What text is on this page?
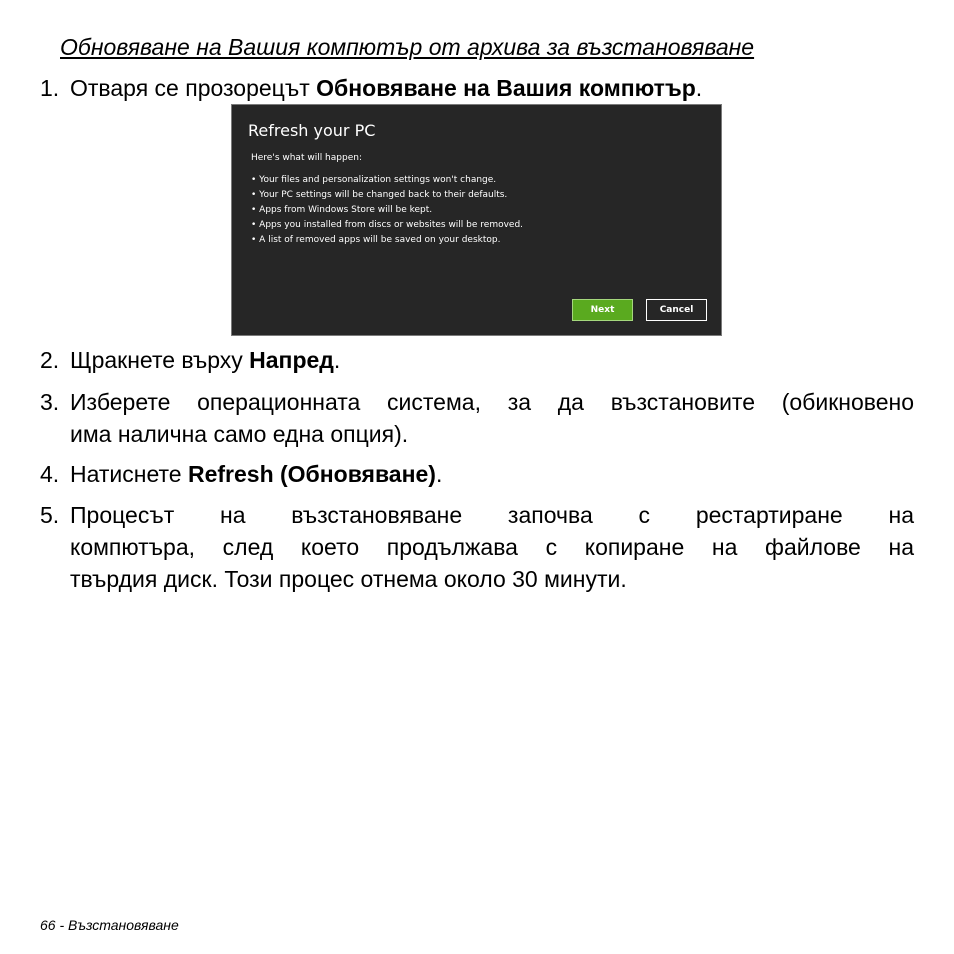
Обновяване на Вашия компютър от архива за възстановяване
1. Отваря се прозорецът Обновяване на Вашия компютър.
Refresh your PC
Here's what will happen:
• Your files and personalization settings won't change.
• Your PC settings will be changed back to their defaults.
• Apps from Windows Store will be kept.
• Apps you installed from discs or websites will be removed.
• A list of removed apps will be saved on your desktop.
Next	Cancel
2. Щракнете върху Напред.
3. Изберете операционната система, за да възстановите (обикновено
има налична само една опция).
4. Натиснете Refresh (Обновяване).
5. Процесът на възстановяване започва с рестартиране на
компютъра, след което продължава с копиране на файлове на
твърдия диск. Този процес отнема около 30 минути.
66 - Възстановяване
